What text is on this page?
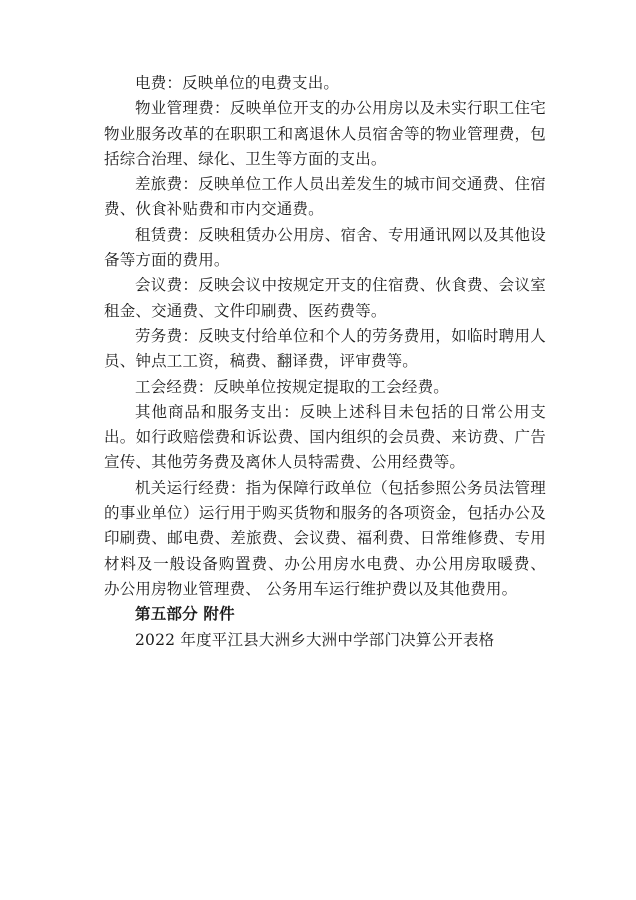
电费：反映单位的电费支出。

物业管理费：反映单位开支的办公用房以及未实行职工住宅物业服务改革的在职职工和离退休人员宿舍等的物业管理费，包括综合治理、绿化、卫生等方面的支出。

差旅费：反映单位工作人员出差发生的城市间交通费、住宿费、伙食补贴费和市内交通费。

租赁费：反映租赁办公用房、宿舍、专用通讯网以及其他设备等方面的费用。

会议费：反映会议中按规定开支的住宿费、伙食费、会议室租金、交通费、文件印刷费、医药费等。

劳务费：反映支付给单位和个人的劳务费用，如临时聘用人员、钟点工工资，稿费、翻译费，评审费等。

工会经费：反映单位按规定提取的工会经费。

其他商品和服务支出：反映上述科目未包括的日常公用支出。如行政赔偿费和诉讼费、国内组织的会员费、来访费、广告宣传、其他劳务费及离休人员特需费、公用经费等。

机关运行经费：指为保障行政单位（包括参照公务员法管理的事业单位）运行用于购买货物和服务的各项资金，包括办公及印刷费、邮电费、差旅费、会议费、福利费、日常维修费、专用材料及一般设备购置费、办公用房水电费、办公用房取暖费、 办公用房物业管理费、 公务用车运行维护费以及其他费用。

第五部分 附件

2022 年度平江县大洲乡大洲中学部门决算公开表格
